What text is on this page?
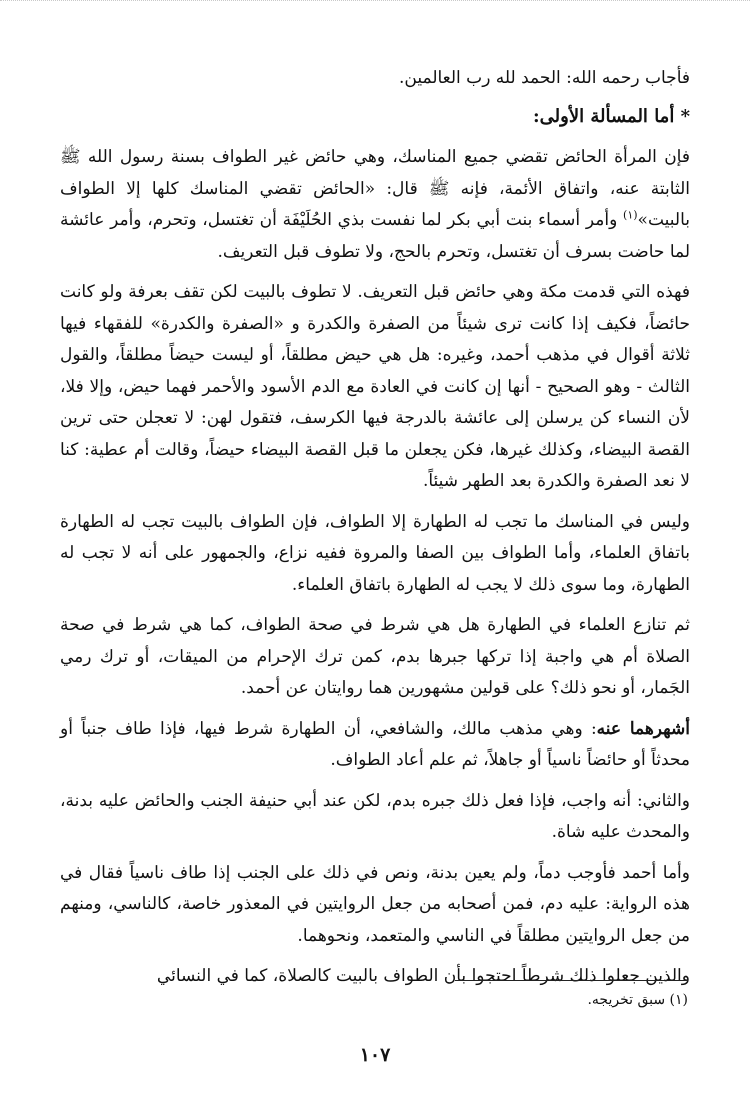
فأجاب رحمه الله: الحمد لله رب العالمين.

* أما المسألة الأولى:

فإن المرأة الحائض تقضي جميع المناسك، وهي حائض غير الطواف بسنة رسول الله ﷺ الثابتة عنه، واتفاق الأئمة، فإنه ﷺ قال: «الحائض تقضي المناسك كلها إلا الطواف بالبيت»$^{(١)}$ وأمر أسماء بنت أبي بكر لما نفست بذي الحُلَيْفَة أن تغتسل، وتحرم، وأمر عائشة لما حاضت بسرف أن تغتسل، وتحرم بالحج، ولا تطوف قبل التعريف.

فهذه التي قدمت مكة وهي حائض قبل التعريف. لا تطوف بالبيت لكن تقف بعرفة ولو كانت حائضاً، فكيف إذا كانت ترى شيئاً من الصفرة والكدرة و «الصفرة والكدرة» للفقهاء فيها ثلاثة أقوال في مذهب أحمد، وغيره: هل هي حيض مطلقاً، أو ليست حيضاً مطلقاً، والقول الثالث - وهو الصحيح - أنها إن كانت في العادة مع الدم الأسود والأحمر فهما حيض، وإلا فلا، لأن النساء كن يرسلن إلى عائشة بالدرجة فيها الكرسف، فتقول لهن: لا تعجلن حتى ترين القصة البيضاء، وكذلك غيرها، فكن يجعلن ما قبل القصة البيضاء حيضاً، وقالت أم عطية: كنا لا نعد الصفرة والكدرة بعد الطهر شيئاً.

وليس في المناسك ما تجب له الطهارة إلا الطواف، فإن الطواف بالبيت تجب له الطهارة باتفاق العلماء، وأما الطواف بين الصفا والمروة ففيه نزاع، والجمهور على أنه لا تجب له الطهارة، وما سوى ذلك لا يجب له الطهارة باتفاق العلماء.

ثم تنازع العلماء في الطهارة هل هي شرط في صحة الطواف، كما هي شرط في صحة الصلاة أم هي واجبة إذا تركها جبرها بدم، كمن ترك الإحرام من الميقات، أو ترك رمي الجَمار، أو نحو ذلك؟ على قولين مشهورين هما روايتان عن أحمد.

أشهرهما عنه: وهي مذهب مالك، والشافعي، أن الطهارة شرط فيها، فإذا طاف جنباً أو محدثاً أو حائضاً ناسياً أو جاهلاً، ثم علم أعاد الطواف.

والثاني: أنه واجب، فإذا فعل ذلك جبره بدم، لكن عند أبي حنيفة الجنب والحائض عليه بدنة، والمحدث عليه شاة.

وأما أحمد فأوجب دماً، ولم يعين بدنة، ونص في ذلك على الجنب إذا طاف ناسياً فقال في هذه الرواية: عليه دم، فمن أصحابه من جعل الروايتين في المعذور خاصة، كالناسي، ومنهم من جعل الروايتين مطلقاً في الناسي والمتعمد، ونحوهما.

والذين جعلوا ذلك شرطاً احتجوا بأن الطواف بالبيت كالصلاة، كما في النسائي

(١) سبق تخريجه.
١٠٧
